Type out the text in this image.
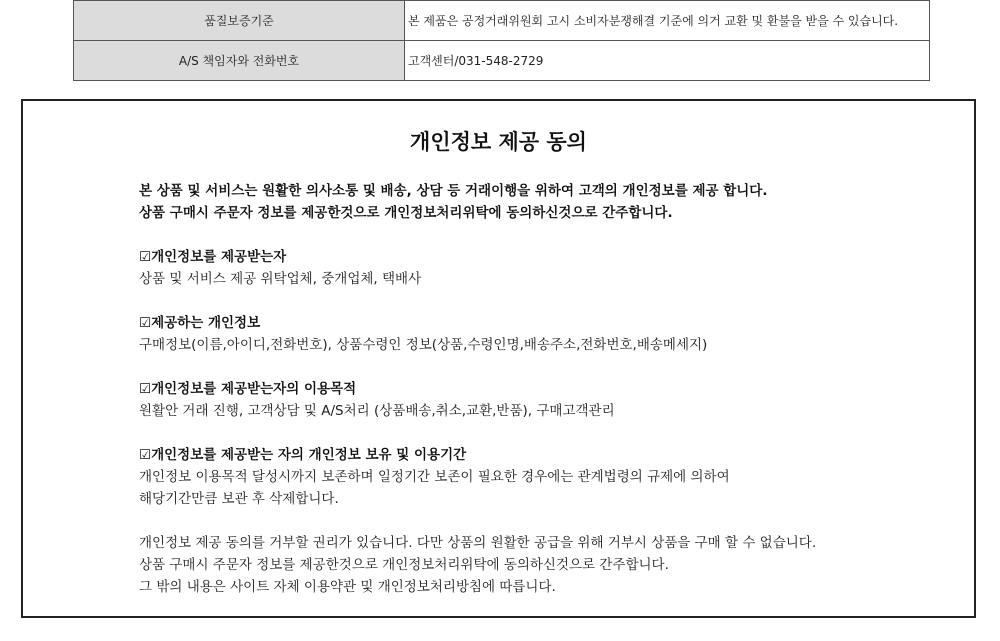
품질보증기준	본 제품은 공정거래위원회 고시 소비자분쟁해결 기준에 의거 교환 및 환불을 받을 수 있습니다.
A/S 책임자와 전화번호	고객센터/031-548-2729
개인정보 제공 동의
본 상품 및 서비스는 원활한 의사소통 및 배송, 상담 등 거래이행을 위하여 고객의 개인정보를 제공 합니다.
상품 구매시 주문자 정보를 제공한것으로 개인정보처리위탁에 동의하신것으로 간주합니다.
☑개인정보를 제공받는자
상품 및 서비스 제공 위탁업체, 중개업체, 택배사
☑제공하는 개인정보
구매정보(이름,아이디,전화번호), 상품수령인 정보(상품,수령인명,배송주소,전화번호,배송메세지)
☑개인정보를 제공받는자의 이용목적
원활안 거래 진행, 고객상담 및 A/S처리 (상품배송,취소,교환,반품), 구매고객관리
☑개인정보를 제공받는 자의 개인정보 보유 및 이용기간
개인정보 이용목적 달성시까지 보존하며 일정기간 보존이 필요한 경우에는 관계법령의 규제에 의하여
해당기간만큼 보관 후 삭제합니다.
개인정보 제공 동의를 거부할 권리가 있습니다. 다만 상품의 원활한 공급을 위해 거부시 상품을 구매 할 수 없습니다.
상품 구매시 주문자 정보를 제공한것으로 개인정보처리위탁에 동의하신것으로 간주합니다.
그 밖의 내용은 사이트 자체 이용약관 및 개인정보처리방침에 따릅니다.
